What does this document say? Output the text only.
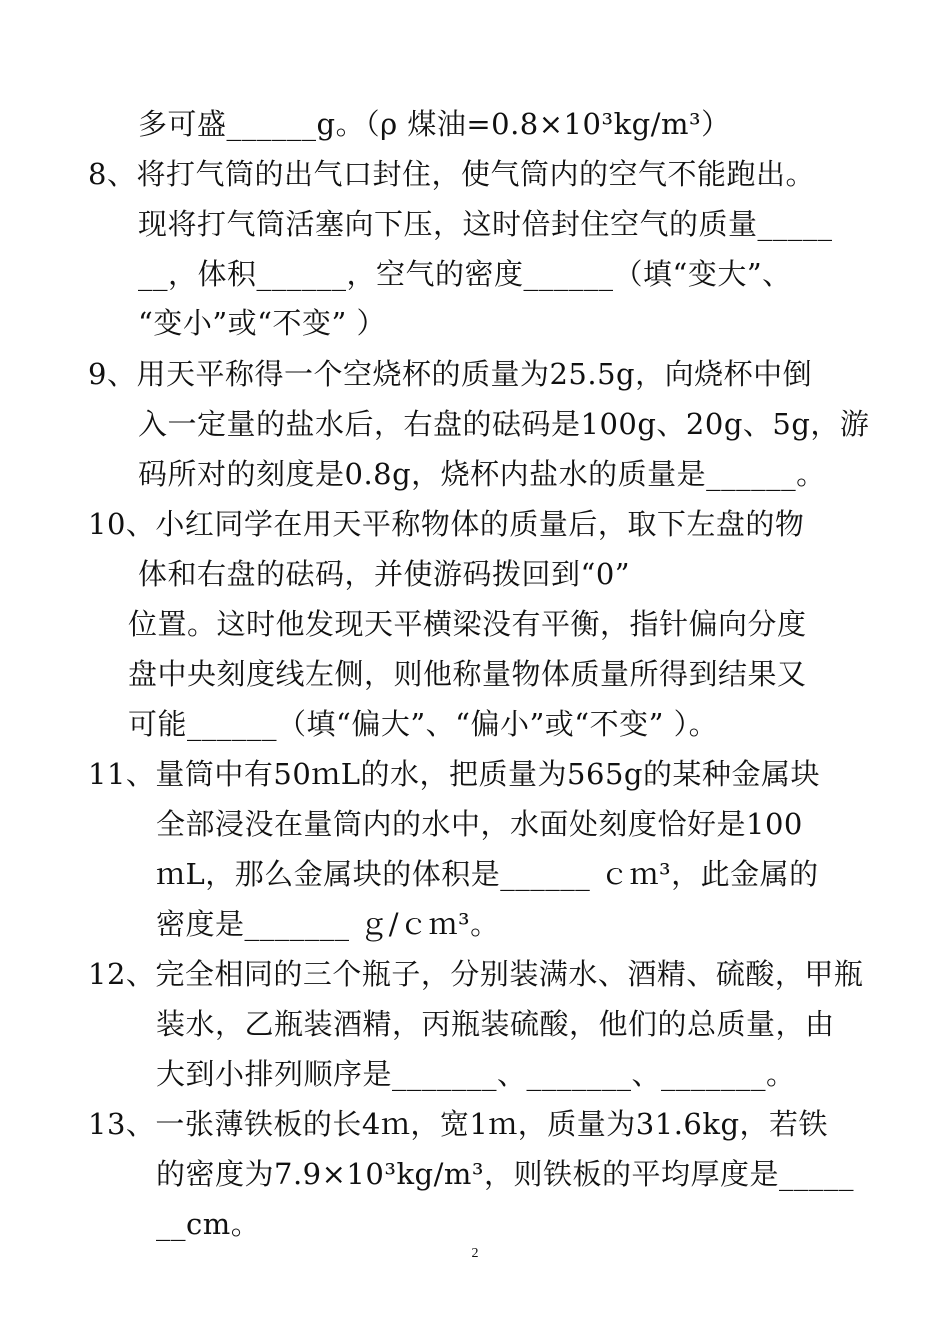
多可盛______g。（ρ 煤油=0.8×10³kg/m³）
8、将打气筒的出气口封住，使气筒内的空气不能跑出。
现将打气筒活塞向下压，这时倍封住空气的质量_____
__，体积______，空气的密度______（填“变大”、
“变小”或“不变” ）
9、用天平称得一个空烧杯的质量为25.5g，向烧杯中倒
入一定量的盐水后，右盘的砝码是100g、20g、5g，游
码所对的刻度是0.8g，烧杯内盐水的质量是______。
10、小红同学在用天平称物体的质量后，取下左盘的物
体和右盘的砝码，并使游码拨回到“0”
位置。这时他发现天平横梁没有平衡，指针偏向分度
盘中央刻度线左侧，则他称量物体质量所得到结果又
可能______（填“偏大”、“偏小”或“不变” ）。
11、量筒中有50ｍL的水，把质量为565g的某种金属块
全部浸没在量筒内的水中，水面处刻度恰好是100
ｍL，那么金属块的体积是______ ｃｍ³，此金属的
密度是_______ ｇ/ｃｍ³。
12、完全相同的三个瓶子，分别装满水、酒精、硫酸，甲瓶
装水，乙瓶装酒精，丙瓶装硫酸，他们的总质量，由
大到小排列顺序是_______、_______、_______。
13、一张薄铁板的长4ｍ，宽1ｍ，质量为31.6kg，若铁
的密度为7.9×10³kg/m³，则铁板的平均厚度是_____
__cm。
2
